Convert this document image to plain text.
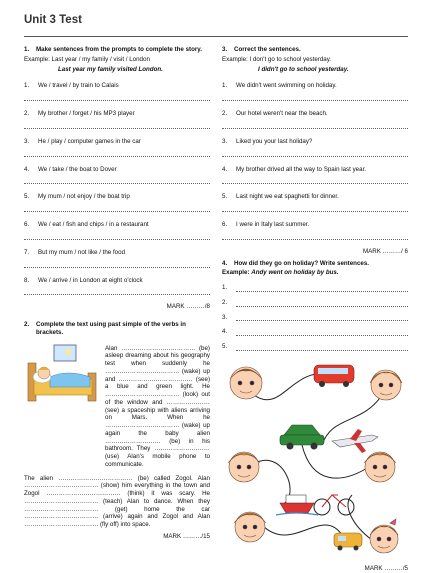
Unit 3 Test
1.	Make sentences from the prompts to complete the story.
Example: Last year / my family / visit / London
Last year my family visited London.
1.	We / travel / by train to Calais
2.	My brother / forget / his MP3 player
3.	He / play / computer games in the car
4.	We / take / the boat to Dover
5.	My mum / not enjoy / the boat trip
6.	We / eat / fish and chips / in a restaurant
7.	But my mum / not like / the food
8.	We / arrive / in London at eight o'clock
MARK ………/8
2.	Complete the text using past simple of the verbs in brackets.
Alan ……………………………… (be) asleep dreaming about his geography test when suddenly he ……………………………… (wake) up and ……………………………… (see) a blue and green light. He ……………………………… (look) out of the window and ………………… (see) a spaceship with aliens arriving on Mars. When he ……………………………… (wake) up again the baby alien ……………………… (be) in his bathroom. They ……………………… (use) Alan's mobile phone to communicate.
The alien ……………………………… (be) called Zogol. Alan ……………………………… (show) him everything in the town and Zogol ……………………………… (think) it was scary. He ……………………………… (teach) Alan to dance. When they ……………………………… (get) home the car ……………………………… (arrive) again and Zogol and Alan ……………………………… (fly off) into space.
MARK ………/15
3.	Correct the sentences.
Example: I don't go to school yesterday.
I didn't go to school yesterday.
1.	We didn't went swimming on holiday.
2.	Our hotel weren't near the beach.
3.	Liked you your last holiday?
4.	My brother drived all the way to Spain last year.
5.	Last night we eat spaghetti for dinner.
6.	I were in Italy last summer.
MARK ………/ 6
4.	How did they go on holiday? Write sentences.
Example: Andy went on holiday by bus.
1.
2.
3.
4.
5.
MARK ………/5
